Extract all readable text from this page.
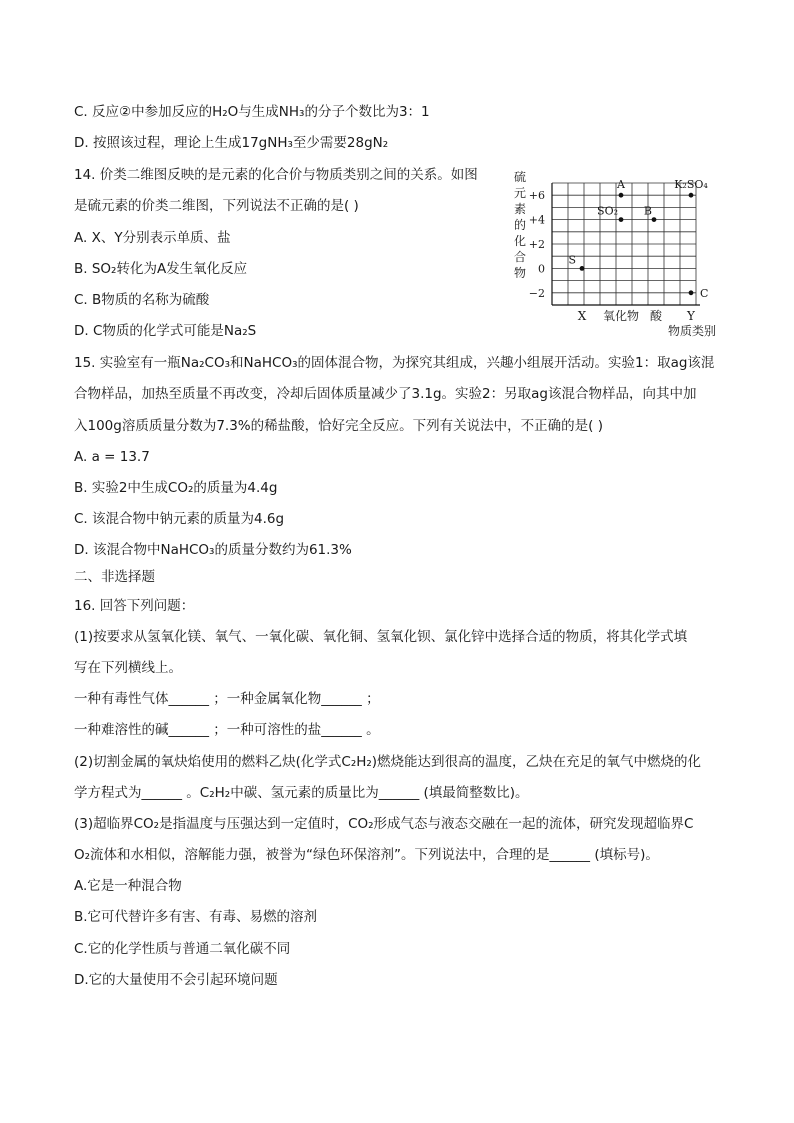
C. 反应②中参加反应的H₂O与生成NH₃的分子个数比为3：1
D. 按照该过程，理论上生成17gNH₃至少需要28gN₂
14. 价类二维图反映的是元素的化合价与物质类别之间的关系。如图
是硫元素的价类二维图，下列说法不正确的是( )
A. X、Y分别表示单质、盐
B. SO₂转化为A发生氧化反应
C. B物质的名称为硫酸
D. C物质的化学式可能是Na₂S
硫
元
素
的
化
合
物
+6
+4
+2
0
−2
X 氧化物 酸 Y
物质类别
S
SO₂
A
B
K₂SO₄
C
15. 实验室有一瓶Na₂CO₃和NaHCO₃的固体混合物，为探究其组成，兴趣小组展开活动。实验1：取ag该混
合物样品，加热至质量不再改变，冷却后固体质量减少了3.1g。实验2：另取ag该混合物样品，向其中加
入100g溶质质量分数为7.3%的稀盐酸，恰好完全反应。下列有关说法中，不正确的是( )
A. a = 13.7
B. 实验2中生成CO₂的质量为4.4g
C. 该混合物中钠元素的质量为4.6g
D. 该混合物中NaHCO₃的质量分数约为61.3%
二、非选择题
16. 回答下列问题：
(1)按要求从氢氧化镁、氧气、一氧化碳、氧化铜、氢氧化钡、氯化锌中选择合适的物质，将其化学式填
写在下列横线上。
一种有毒性气体______ ；一种金属氧化物______ ；
一种难溶性的碱______ ；一种可溶性的盐______ 。
(2)切割金属的氧炔焰使用的燃料乙炔(化学式C₂H₂)燃烧能达到很高的温度，乙炔在充足的氧气中燃烧的化
学方程式为______ 。C₂H₂中碳、氢元素的质量比为______ (填最简整数比)。
(3)超临界CO₂是指温度与压强达到一定值时，CO₂形成气态与液态交融在一起的流体，研究发现超临界C
O₂流体和水相似，溶解能力强，被誉为“绿色环保溶剂”。下列说法中，合理的是______ (填标号)。
A.它是一种混合物
B.它可代替许多有害、有毒、易燃的溶剂
C.它的化学性质与普通二氧化碳不同
D.它的大量使用不会引起环境问题
